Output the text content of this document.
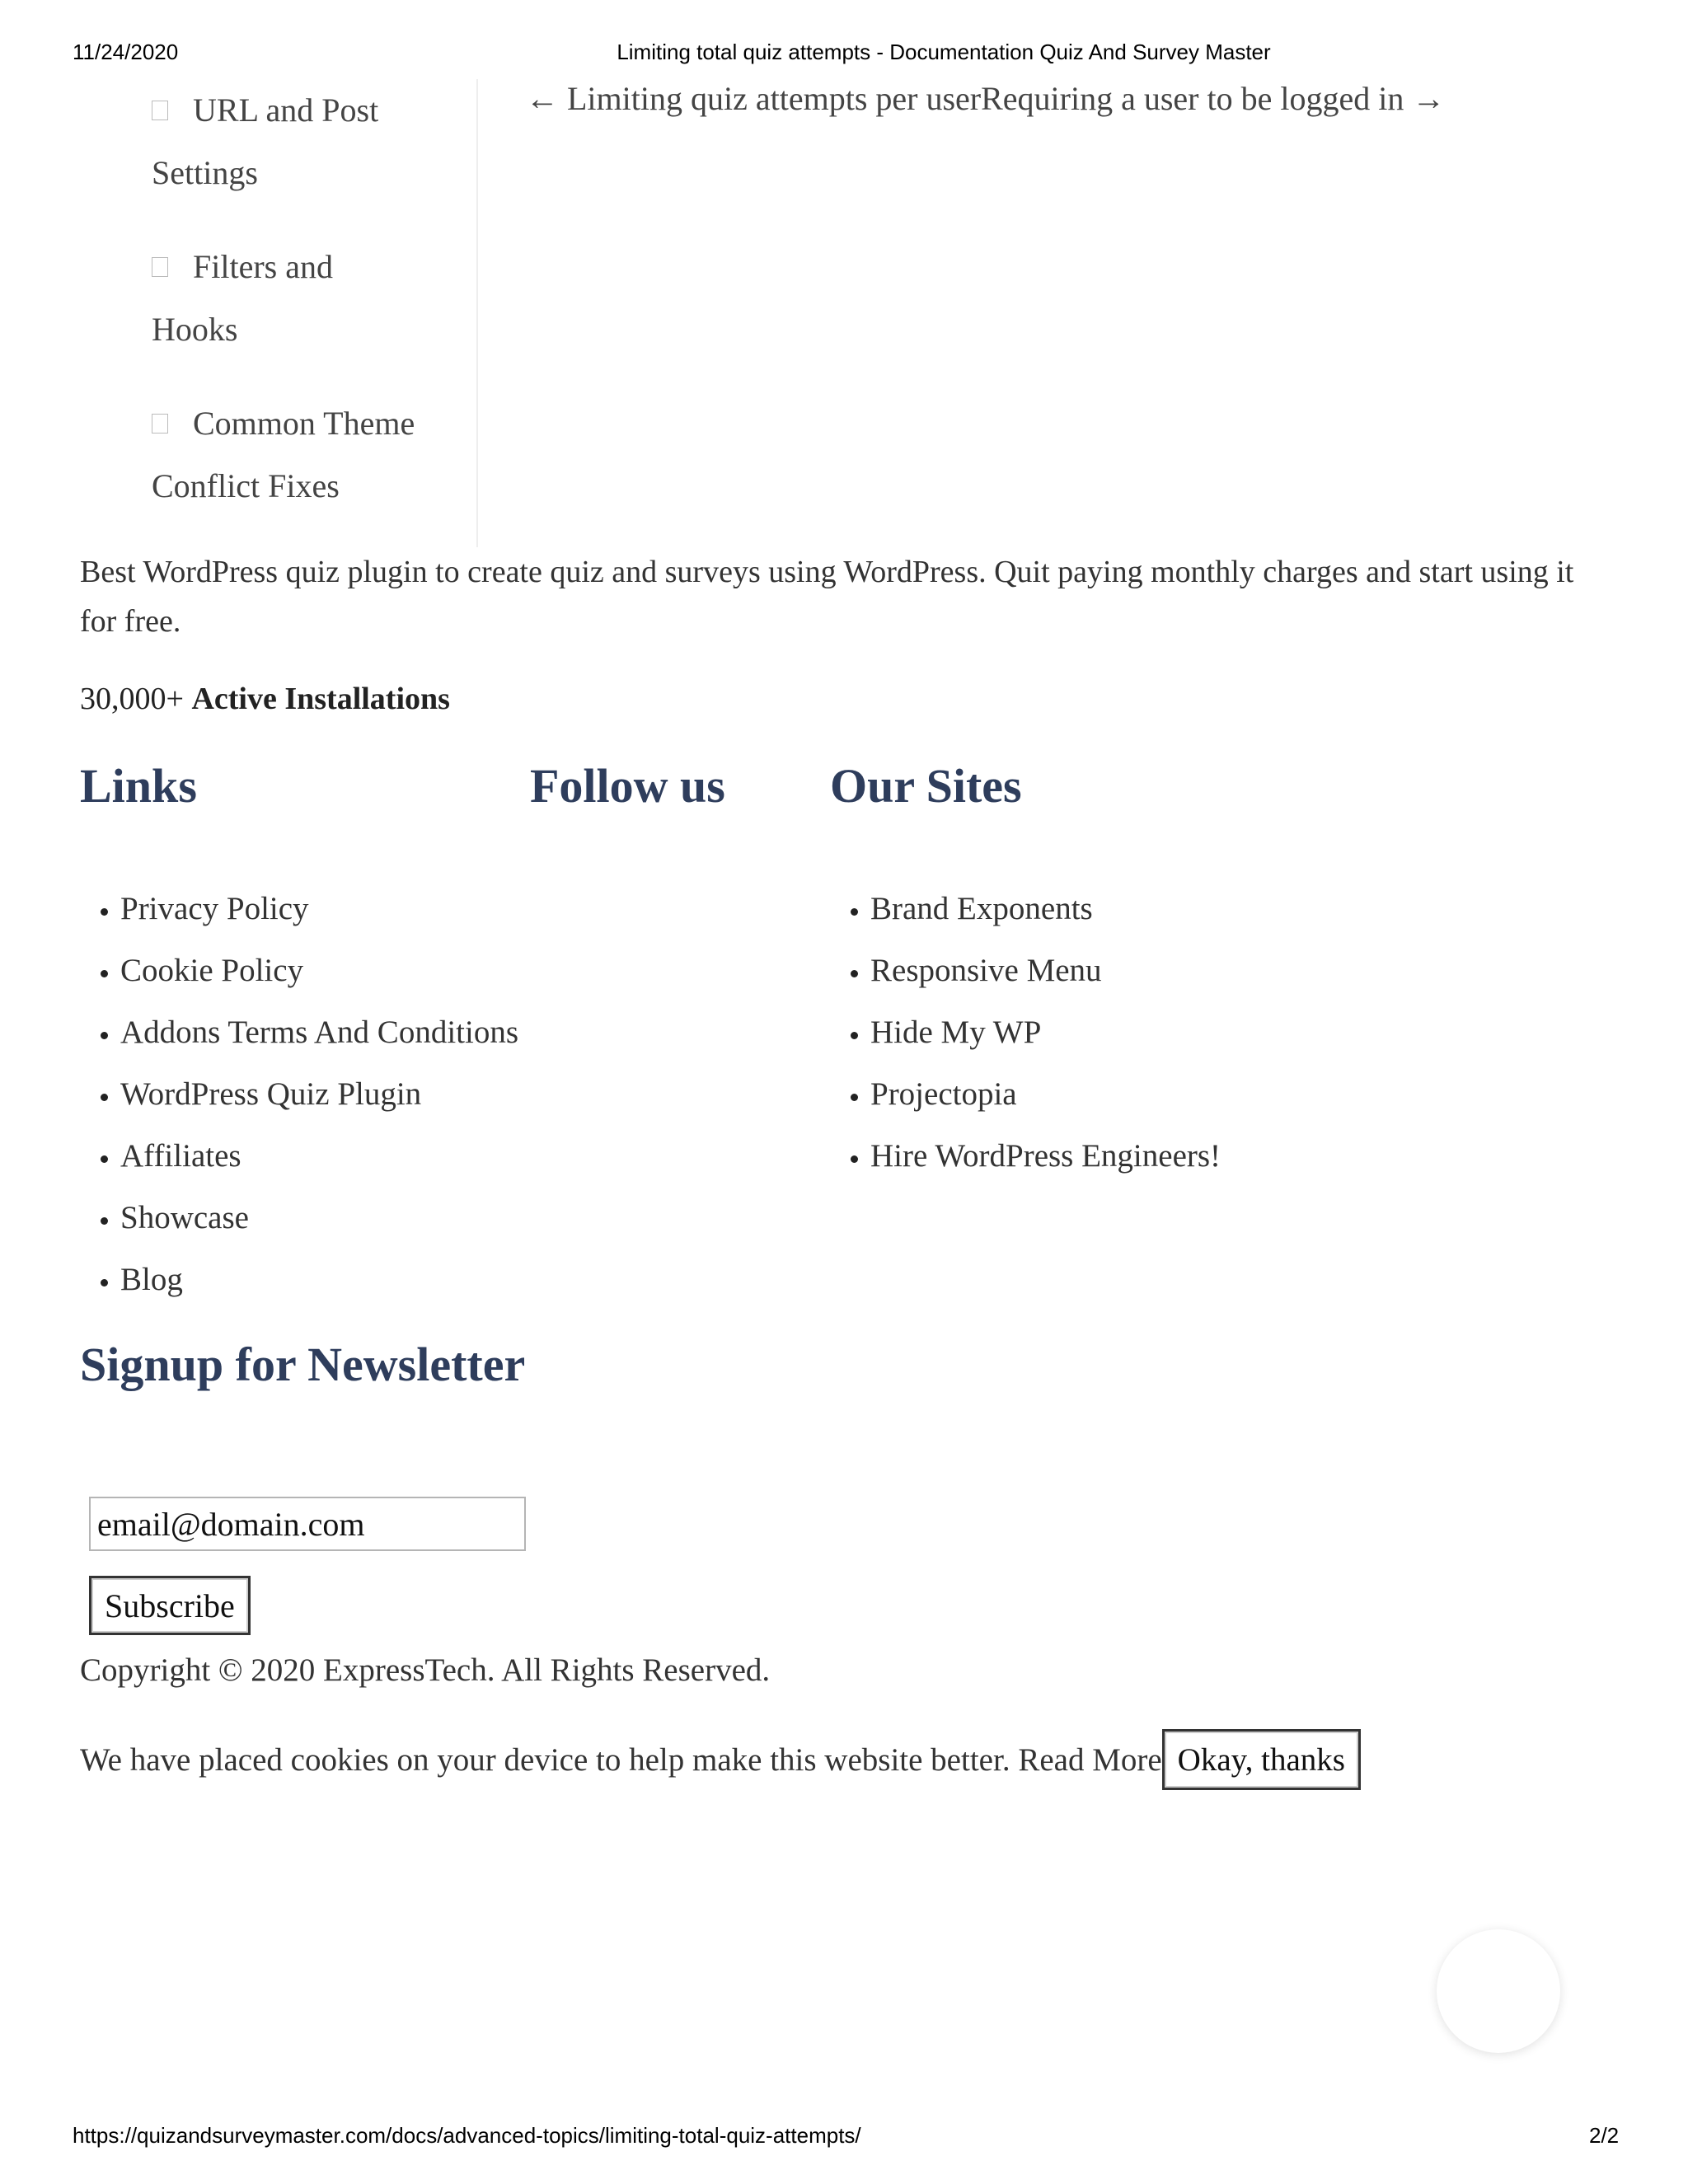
11/24/2020	Limiting total quiz attempts - Documentation Quiz And Survey Master
URL and Post
Settings
Filters and
Hooks
Common Theme
Conflict Fixes
← Limiting quiz attempts per userRequiring a user to be logged in →

Best WordPress quiz plugin to create quiz and surveys using WordPress. Quit paying monthly charges and start using it for free.

30,000+ Active Installations
Links	Follow us Our Sites
• Privacy Policy
• Cookie Policy
• Addons Terms And Conditions
• WordPress Quiz Plugin
• Affiliates
• Showcase
• Blog
• Brand Exponents
• Responsive Menu
• Hide My WP
• Projectopia
• Hire WordPress Engineers!
Signup for Newsletter
email@domain.com
Subscribe
Copyright © 2020 ExpressTech. All Rights Reserved.
We have placed cookies on your device to help make this website better.
Read More Okay, thanks
https://quizandsurveymaster.com/docs/advanced-topics/limiting-total-quiz-attempts/	2/2
